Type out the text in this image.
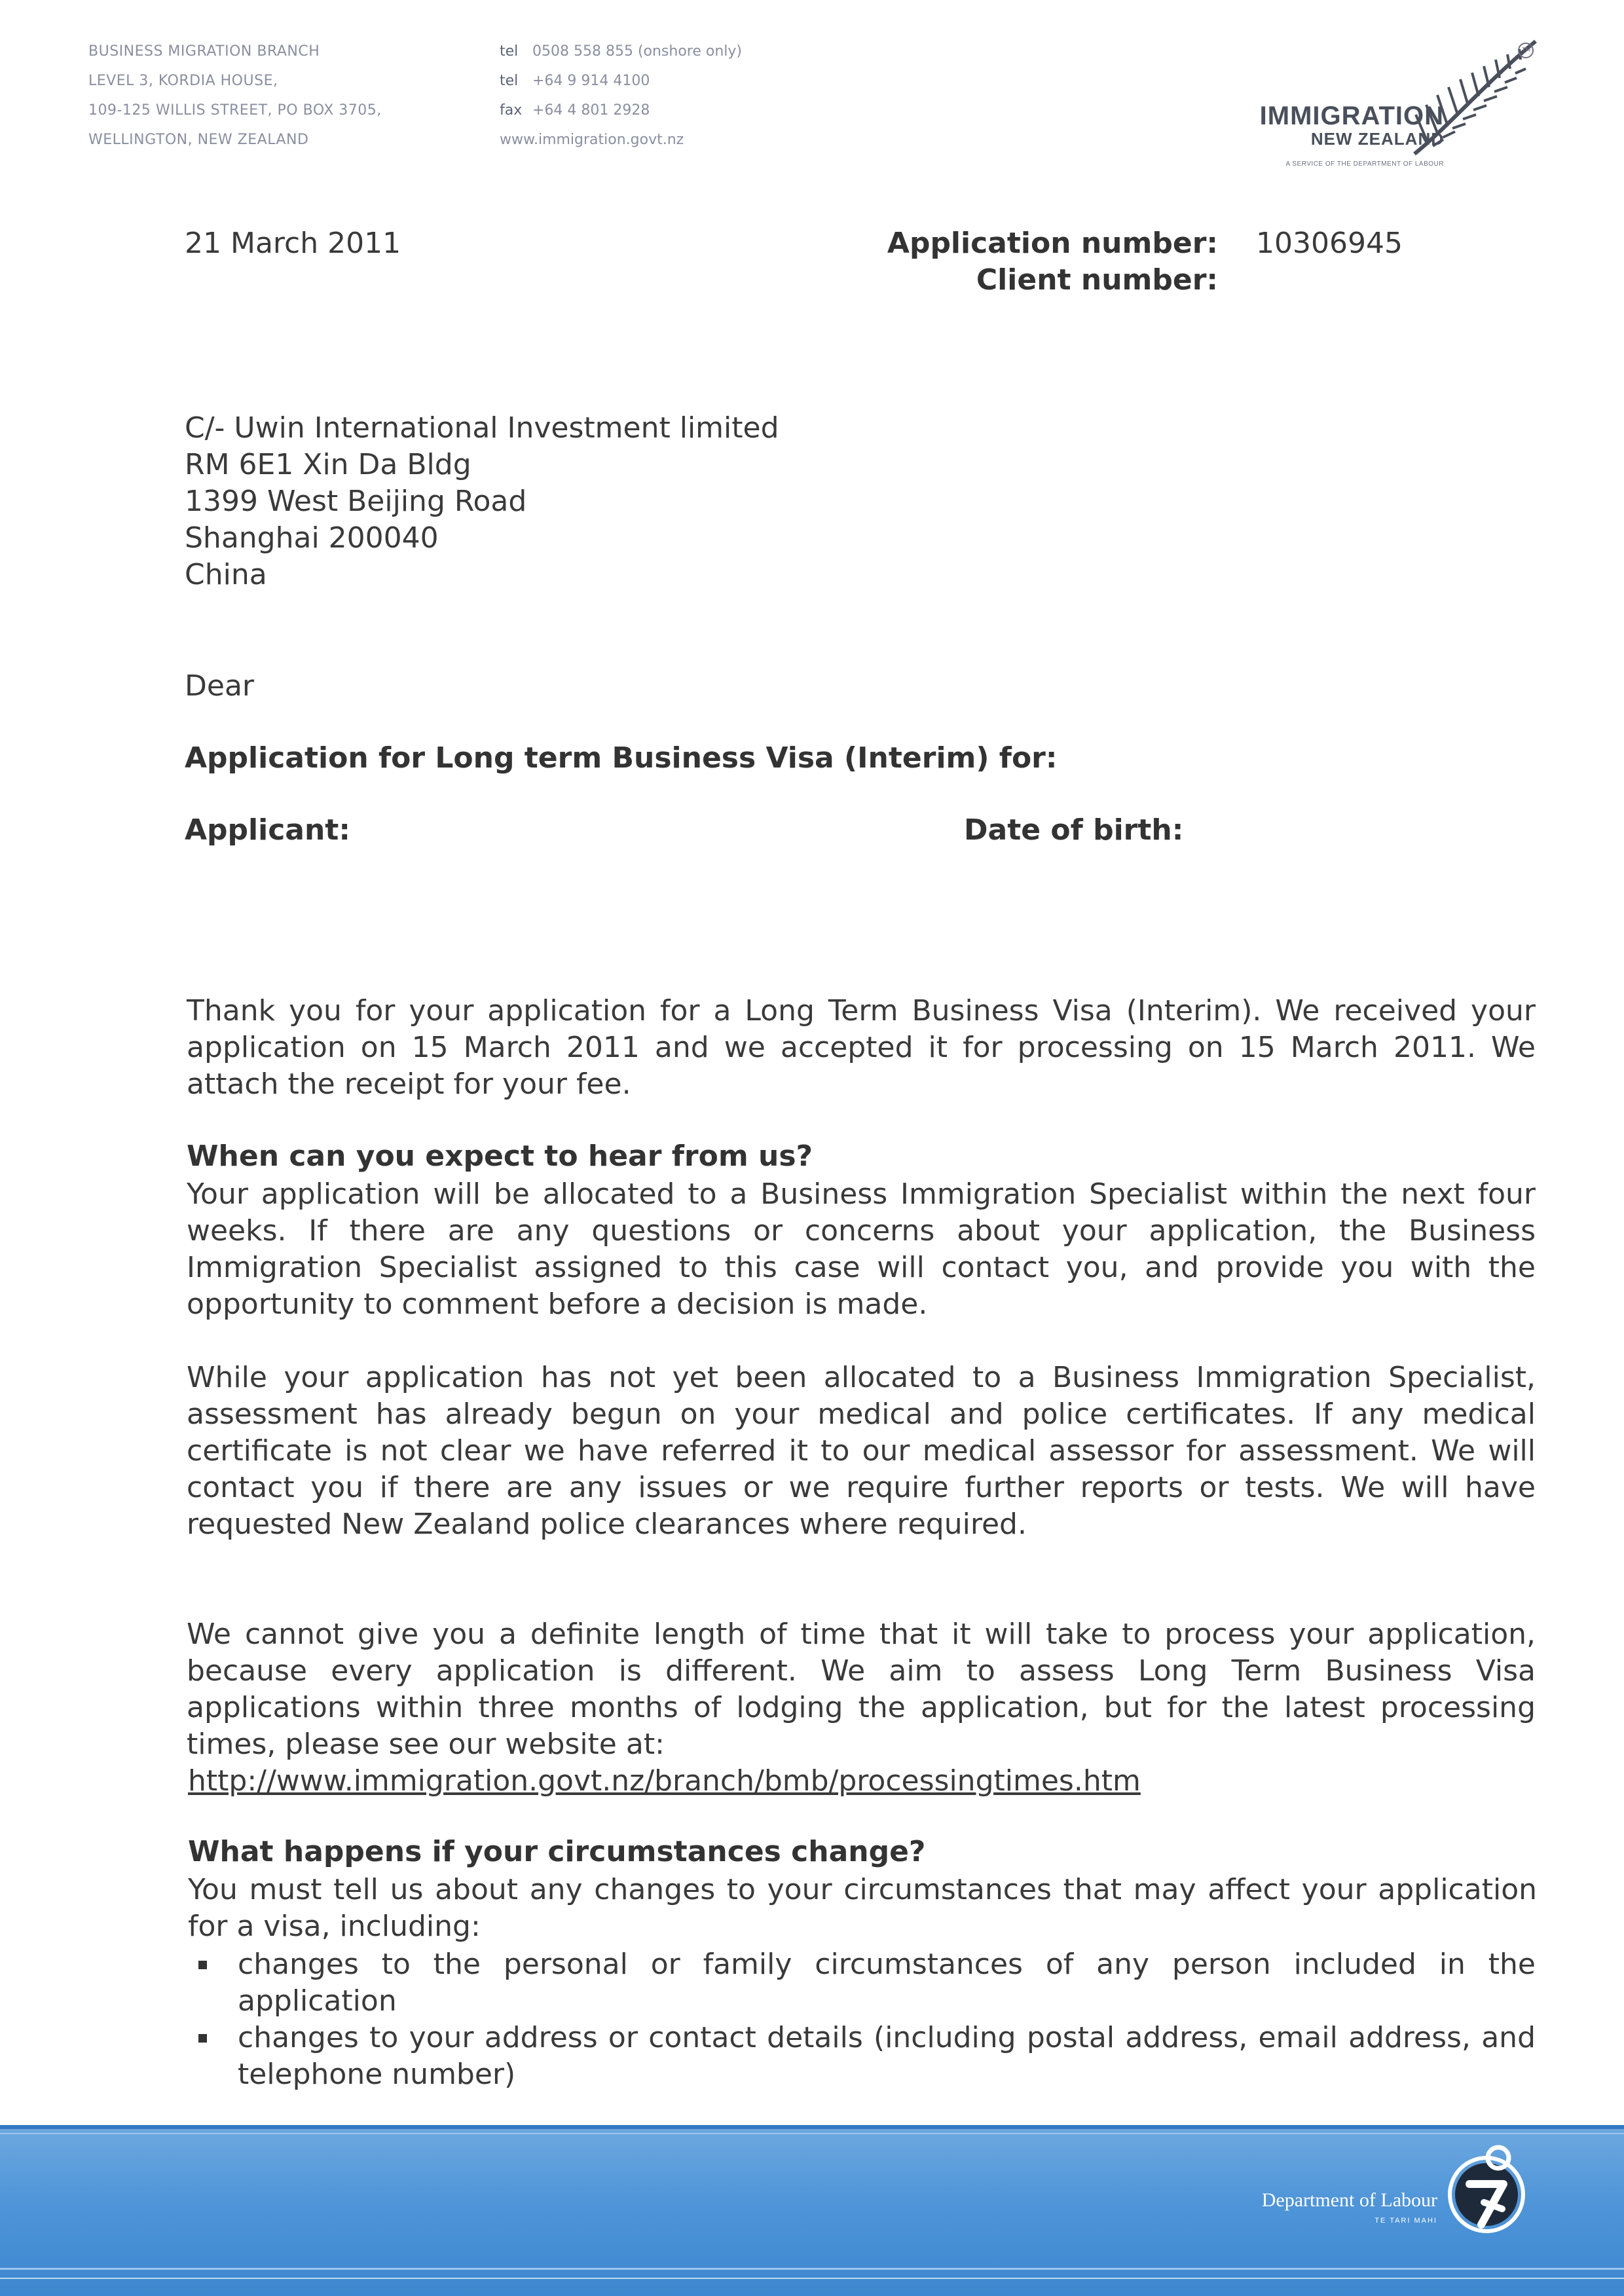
BUSINESS MIGRATION BRANCH
LEVEL 3, KORDIA HOUSE,
109-125 WILLIS STREET, PO BOX 3705,
WELLINGTON, NEW ZEALAND
tel 0508 558 855 (onshore only)
tel +64 9 914 4100
fax +64 4 801 2928
www.immigration.govt.nz
IMMIGRATION
NEW ZEALAND
A SERVICE OF THE DEPARTMENT OF LABOUR
TM
21 March 2011	Application number: 10306945
Client number:
C/- Uwin International Investment limited
RM 6E1 Xin Da Bldg
1399 West Beijing Road
Shanghai 200040
China
Dear
Application for Long term Business Visa (Interim) for:
Applicant:	Date of birth:
Thank you for your application for a Long Term Business Visa (Interim). We received your application on 15 March 2011 and we accepted it for processing on 15 March 2011. We attach the receipt for your fee.
When can you expect to hear from us?
Your application will be allocated to a Business Immigration Specialist within the next four weeks. If there are any questions or concerns about your application, the Business Immigration Specialist assigned to this case will contact you, and provide you with the opportunity to comment before a decision is made.
While your application has not yet been allocated to a Business Immigration Specialist, assessment has already begun on your medical and police certificates. If any medical certificate is not clear we have referred it to our medical assessor for assessment. We will contact you if there are any issues or we require further reports or tests. We will have requested New Zealand police clearances where required.
We cannot give you a definite length of time that it will take to process your application, because every application is different. We aim to assess Long Term Business Visa applications within three months of lodging the application, but for the latest processing times, please see our website at:
http://www.immigration.govt.nz/branch/bmb/processingtimes.htm
What happens if your circumstances change?
You must tell us about any changes to your circumstances that may affect your application for a visa, including:
changes to the personal or family circumstances of any person included in the application
changes to your address or contact details (including postal address, email address, and telephone number)
Department of Labour
TE TARI MAHI
